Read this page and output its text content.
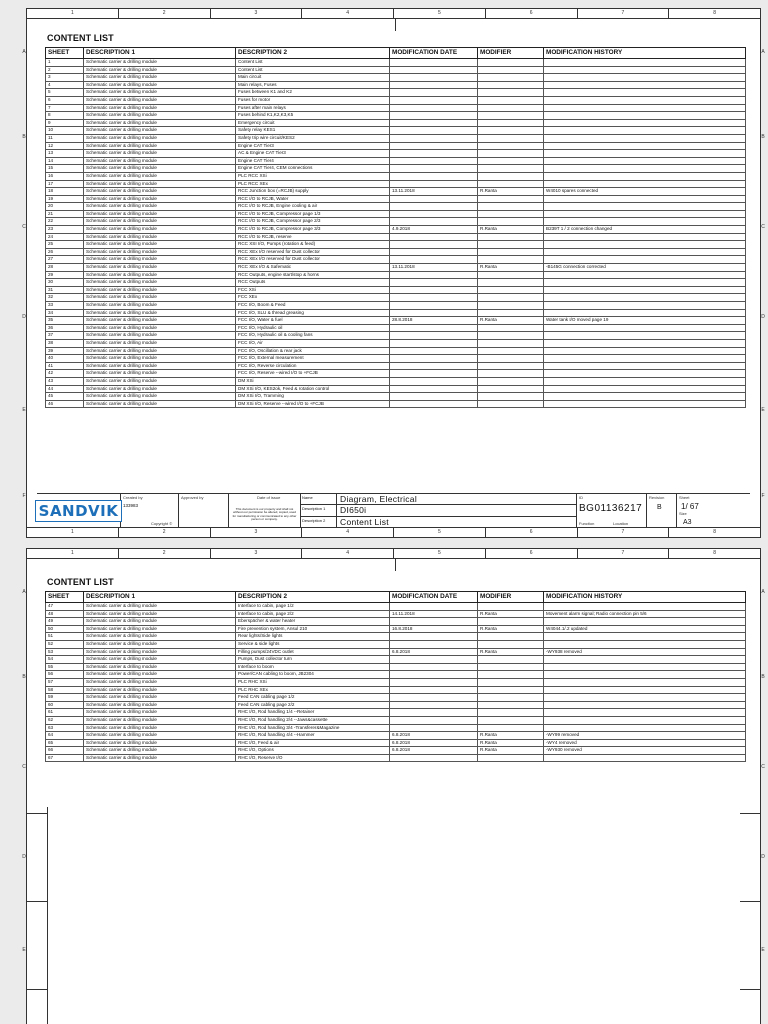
1	2	3	4	5	6	7	8
A
B
C
D
E
F
A
B
C
D
E
F
CONTENT LIST
SHEET	DESCRIPTION 1	DESCRIPTION 2	MODIFICATION DATE	MODIFIER	MODIFICATION HISTORY
1	Schematic carrier & drilling module	Content List			
2	Schematic carrier & drilling module	Content List			
3	Schematic carrier & drilling module	Main circuit			
4	Schematic carrier & drilling module	Main relays, Fuses			
5	Schematic carrier & drilling module	Fuses between K1 and K2			
6	Schematic carrier & drilling module	Fuses for motor			
7	Schematic carrier & drilling module	Fuses after main relays			
8	Schematic carrier & drilling module	Fuses behind K1,K2,K3,K5			
9	Schematic carrier & drilling module	Emergency circuit			
10	Schematic carrier & drilling module	Safety relay KES1			
11	Schematic carrier & drilling module	Safety trip wire circuit/KES2			
12	Schematic carrier & drilling module	Engine CAT Tier3			
13	Schematic carrier & drilling module	AC & Engine CAT Tier3			
14	Schematic carrier & drilling module	Engine CAT Tier4			
15	Schematic carrier & drilling module	Engine CAT Tier4, CEM connections			
16	Schematic carrier & drilling module	PLC RCC XSi			
17	Schematic carrier & drilling module	PLC RCC XEx			
18	Schematic carrier & drilling module	RCC Junction box (=RCJB) supply	13.11.2018	R.Ranta	W4010 spares connected
19	Schematic carrier & drilling module	RCC I/O to RCJB, Water			
20	Schematic carrier & drilling module	RCC I/O to RCJB, Engine cooling & air			
21	Schematic carrier & drilling module	RCC I/O to RCJB, Compressor page 1/3			
22	Schematic carrier & drilling module	RCC I/O to RCJB, Compressor page 2/3			
23	Schematic carrier & drilling module	RCC I/O to RCJB, Compressor page 3/3	4.9.2018	R.Ranta	B239T 1 / 2 connection changed
24	Schematic carrier & drilling module	RCC I/O to RCJB, reserve			
25	Schematic carrier & drilling module	RCC XSI I/O, Pumps (rotation & feed)			
26	Schematic carrier & drilling module	RCC XEx I/O reserved for Dust collector			
27	Schematic carrier & drilling module	RCC XEx I/O reserved for Dust collector			
28	Schematic carrier & drilling module	RCC XEx I/O & Safematic	13.11.2018	R.Ranta	-B145G connection corrected
29	Schematic carrier & drilling module	RCC Outputs, engine start/stop & horns			
30	Schematic carrier & drilling module	RCC Outputs			
31	Schematic carrier & drilling module	FCC XSi			
32	Schematic carrier & drilling module	FCC XEx			
33	Schematic carrier & drilling module	FCC I/O, Boom & Feed			
34	Schematic carrier & drilling module	FCC I/O, SLU & thread greasing			
35	Schematic carrier & drilling module	FCC I/O, Water & fuel	28.8.2018	R.Ranta	Water tank I/O moved page 19
36	Schematic carrier & drilling module	FCC I/O, Hydraulic oil			
37	Schematic carrier & drilling module	FCC I/O, Hydraulic oil & cooling fans			
38	Schematic carrier & drilling module	FCC I/O, Air			
39	Schematic carrier & drilling module	FCC I/O, Oscillation & rear jack			
40	Schematic carrier & drilling module	FCC I/O, External measurement			
41	Schematic carrier & drilling module	FCC I/O, Reverse circulation			
42	Schematic carrier & drilling module	FCC I/O, Reserve --wired I/O to +FCJB			
43	Schematic carrier & drilling module	DM XSi			
44	Schematic carrier & drilling module	DM XSi I/O, KES2ok, Feed & rotation control			
45	Schematic carrier & drilling module	DM XSi I/O, Tramming			
46	Schematic carrier & drilling module	DM XSi I/O, Reserve --wired I/O to +FCJB			
SANDVIK
Created by
133983
Copyright ©
Approved by	Date of issue
This document is our property and shall not without our permission be altered, copied, used for manufacturing or communicated to any other person or company.
Name	Diagram, Electrical
Description 1	DI650i
Description 2	Content List
ID
BG01136217
Function	Location
Revision
B
Sheet
1/ 67
Size
A3
1	2	3	4	5	6	7	8
1	2	3	4	5	6	7	8
A
B
C
D
E
A
B
C
D
E
CONTENT LIST
SHEET	DESCRIPTION 1	DESCRIPTION 2	MODIFICATION DATE	MODIFIER	MODIFICATION HISTORY
47	Schematic carrier & drilling module	Interface to cabin, page 1/2			
48	Schematic carrier & drilling module	Interface to cabin, page 2/2	14.11.2018	R.Ranta	Movement alarm signal; Radio connection pin 5/6
49	Schematic carrier & drilling module	Eberspächer & water heater			
50	Schematic carrier & drilling module	Fire prevention system, Ansul 210	16.8.2018	R.Ranta	W4044.1/.2 updated
51	Schematic carrier & drilling module	Rear lights/Side lights			
52	Schematic carrier & drilling module	Service & side lights			
53	Schematic carrier & drilling module	Filling pumps/24VDC outlet	6.8.2018	R.Ranta	-WY938 removed
54	Schematic carrier & drilling module	Pumps, Dust collector turn			
55	Schematic carrier & drilling module	Interface to boom			
56	Schematic carrier & drilling module	Power/CAN cabling to boom, JB2304			
57	Schematic carrier & drilling module	PLC RHC XSi			
58	Schematic carrier & drilling module	PLC RHC XEx			
59	Schematic carrier & drilling module	Feed CAN cabling page 1/2			
60	Schematic carrier & drilling module	Feed CAN cabling page 2/2			
61	Schematic carrier & drilling module	RHC I/O, Rod handling 1/4 --Retainer			
62	Schematic carrier & drilling module	RHC I/O, Rod handling 2/4 --Jaws&cassette			
63	Schematic carrier & drilling module	RHC I/O, Rod handling 3/4 -Transferer&Magazine			
64	Schematic carrier & drilling module	RHC I/O, Rod handling 4/4 --Hammer	6.8.2018	R.Ranta	-WY99 removed
65	Schematic carrier & drilling module	RHC I/O, Feed & air	6.8.2018	R.Ranta	-WY4 removed
66	Schematic carrier & drilling module	RHC I/O, Options	6.8.2018	R.Ranta	-WY930 removed
67	Schematic carrier & drilling module	RHC I/O, Reserve I/O			
